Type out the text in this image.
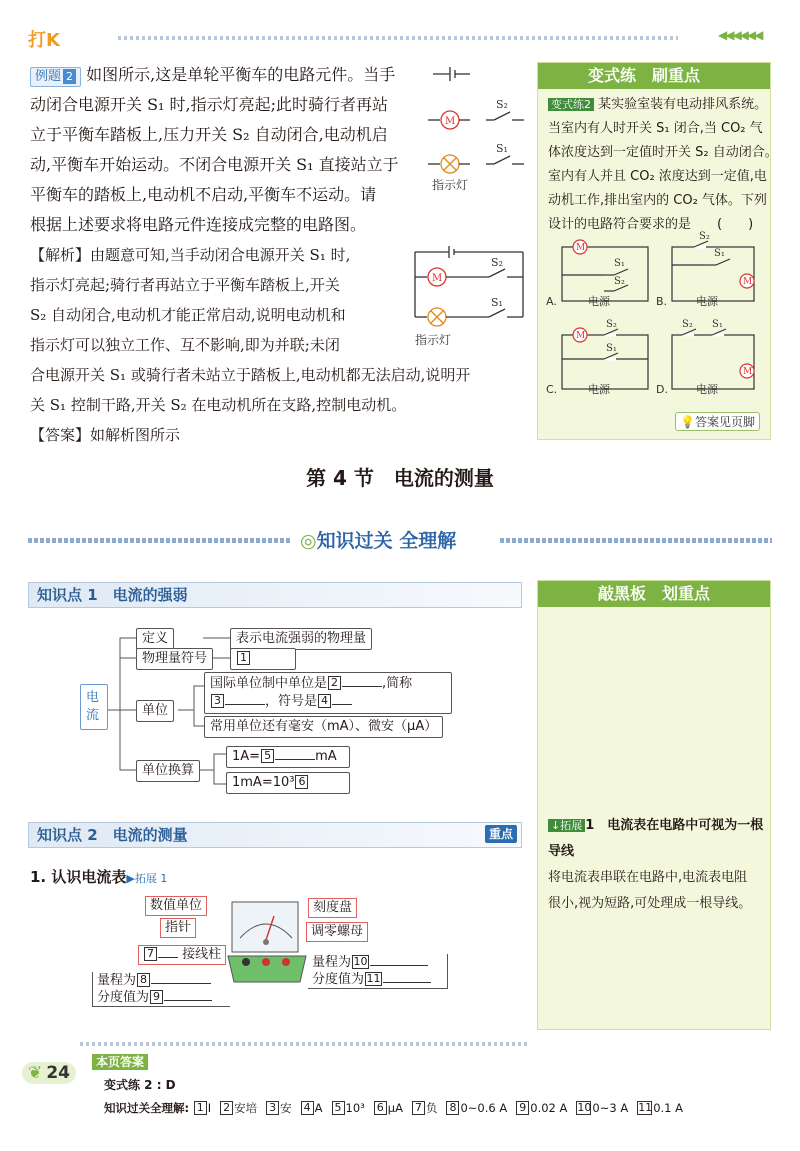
打K	◀◀◀◀◀◀
例题 2 如图所示,这是单轮平衡车的电路元件。当手
动闭合电源开关 S₁ 时,指示灯亮起;此时骑行者再站
立于平衡车踏板上,压力开关 S₂ 自动闭合,电动机启
动,平衡车开始运动。不闭合电源开关 S₁ 直接站立于
平衡车的踏板上,电动机不启动,平衡车不运动。请
根据上述要求将电路元件连接成完整的电路图。
【解析】由题意可知,当手动闭合电源开关 S₁ 时,
指示灯亮起;骑行者再站立于平衡车踏板上,开关
S₂ 自动闭合,电动机才能正常启动,说明电动机和
指示灯可以独立工作、互不影响,即为并联;未闭
合电源开关 S₁ 或骑行者未站立于踏板上,电动机都无法启动,说明开
关 S₁ 控制干路,开关 S₂ 在电动机所在支路,控制电动机。
【答案】如解析图所示
M
S₂
S₁
指示灯
M
S₂
S₁
指示灯
变式练　 刷重点
变式练2 某实验室装有电动排风系统。
当室内有人时开关 S₁ 闭合,当 CO₂ 气
体浓度达到一定值时开关 S₂ 自动闭合。
室内有人并且 CO₂ 浓度达到一定值,电
动机工作,排出室内的 CO₂ 气体。下列
设计的电路符合要求的是　　(　　)
M
M
M
M
S₁
S₂
S₂
S₁
S₂
S₁
S₂ S₁
A.	B.
C.	D.
电源	电源
电源	电源
💡答案见页脚
第 4 节　电流的测量
◎知识过关 全理解
知识点 1　电流的强弱
电流
定义	表示电流强弱的物理量
物理量符号	1
单位
国际单位制中单位是 2	,简称
3	，符号是 4
常用单位还有毫安（mA）、微安（μA）
单位换算
1A= 5	mA
1mA=10³ 6
敲黑板　 划重点
↓拓展 1　 电流表在电路中可视为一根导线
将电流表串联在电路中,电流表电阻
很小,视为短路,可处理成一根导线。
知识点 2　电流的测量	重点
1. 认识电流表▶拓展 1
数值单位
指针
刻度盘
调零螺母
7 接线柱
量程为 8
分度值为 9
量程为 10
分度值为 11
❦ 24
本页答案
变式练 2 : D
知识过关全理解: 1 I 2 安培 3 安 4 A 5 10³ 6 μA 7 负 8 0~0.6 A 9 0.02 A 100~3 A 110.1 A
